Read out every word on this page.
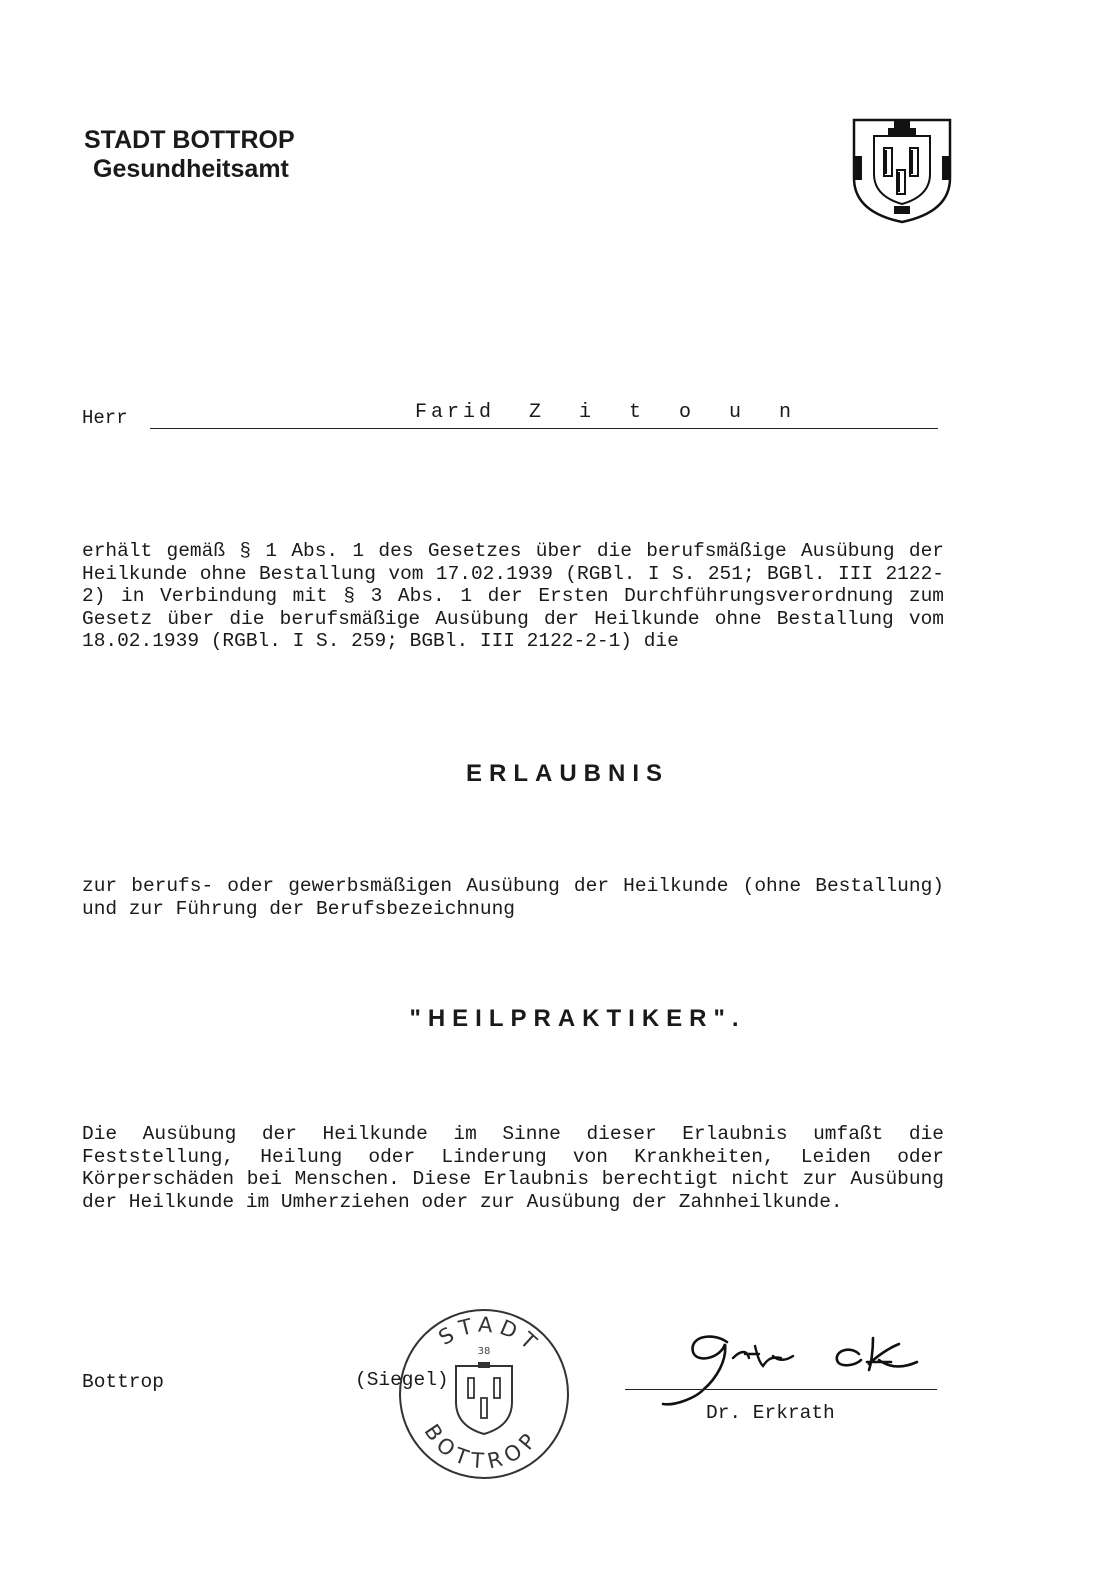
STADT BOTTROP
Gesundheitsamt
Herr	Farid Z i t o u n
erhält gemäß § 1 Abs. 1 des Gesetzes über die berufsmäßige Ausübung der Heilkunde ohne Bestallung vom 17.02.1939 (RGBl. I S. 251; BGBl. III 2122-2) in Verbindung mit § 3 Abs. 1 der Ersten Durchführungsverordnung zum Gesetz über die berufsmäßige Ausübung der Heilkunde ohne Bestallung vom 18.02.1939 (RGBl. I S. 259; BGBl. III 2122-2-1) die
ERLAUBNIS
zur berufs- oder gewerbsmäßigen Ausübung der Heilkunde (ohne Bestallung) und zur Führung der Berufsbezeichnung
"HEILPRAKTIKER".
Die Ausübung der Heilkunde im Sinne dieser Erlaubnis umfaßt die Feststellung, Heilung oder Linderung von Krankheiten, Leiden oder Körperschäden bei Menschen. Diese Erlaubnis berechtigt nicht zur Ausübung der Heilkunde im Umherziehen oder zur Ausübung der Zahnheilkunde.
Bottrop
STADT
BOTTROP
38
(Siegel)
Dr. Erkrath
